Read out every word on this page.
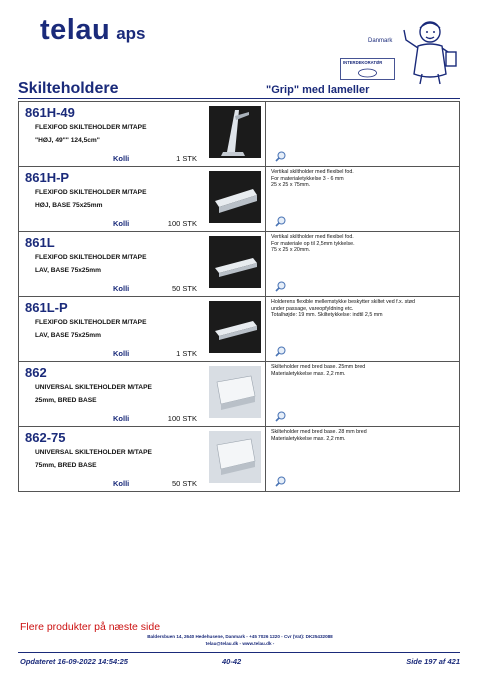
telau aps	Danmark
INTERDEKORATØR
Skilteholdere	"Grip" med lameller
861H-49
FLEXIFOD SKILTEHOLDER M/TAPE
"HØJ, 49"" 124,5cm"
Kolli	1 STK
861H-P
FLEXIFOD SKILTEHOLDER M/TAPE
HØJ, BASE 75x25mm
Kolli	100 STK
Vertikal skiltholder med flexibel fod.
For materialetykkelse 3 - 6 mm
25 x 25 x 75mm.
861L
FLEXIFOD SKILTEHOLDER M/TAPE
LAV, BASE 75x25mm
Kolli	50 STK
Vertikal skiltholder med flexibel fod.
For materiale op til 2,5mm tykkelse.
75 x 25 x 20mm.
861L-P
FLEXIFOD SKILTEHOLDER M/TAPE
LAV, BASE 75x25mm
Kolli	1 STK
Holderens flexible mellemstykke beskytter skiltet ved f.x. stød
under passage, vareopfyldning etc.
Totalhøjde: 19 mm. Skiltetykkelse: indtil 2,5 mm
862
UNIVERSAL SKILTEHOLDER M/TAPE
25mm, BRED BASE
Kolli	100 STK
Skilteholder med bred base. 25mm bred
Materialetykkelse max. 2,2 mm.
862-75
UNIVERSAL SKILTEHOLDER M/TAPE
75mm, BRED BASE
Kolli	50 STK
Skilteholder med bred base. 28 mm bred
Materialetykkelse max. 2,2 mm.
Flere produkter på næste side
Baldersbuen 14, 2640 Hedehusene, Danmark - +45 7026 1220 - Cvr (Vat): DK25432088
telau@telau.dk - www.telau.dk -
Opdateret 16-09-2022 14:54:25	40-42	Side 197 af 421
